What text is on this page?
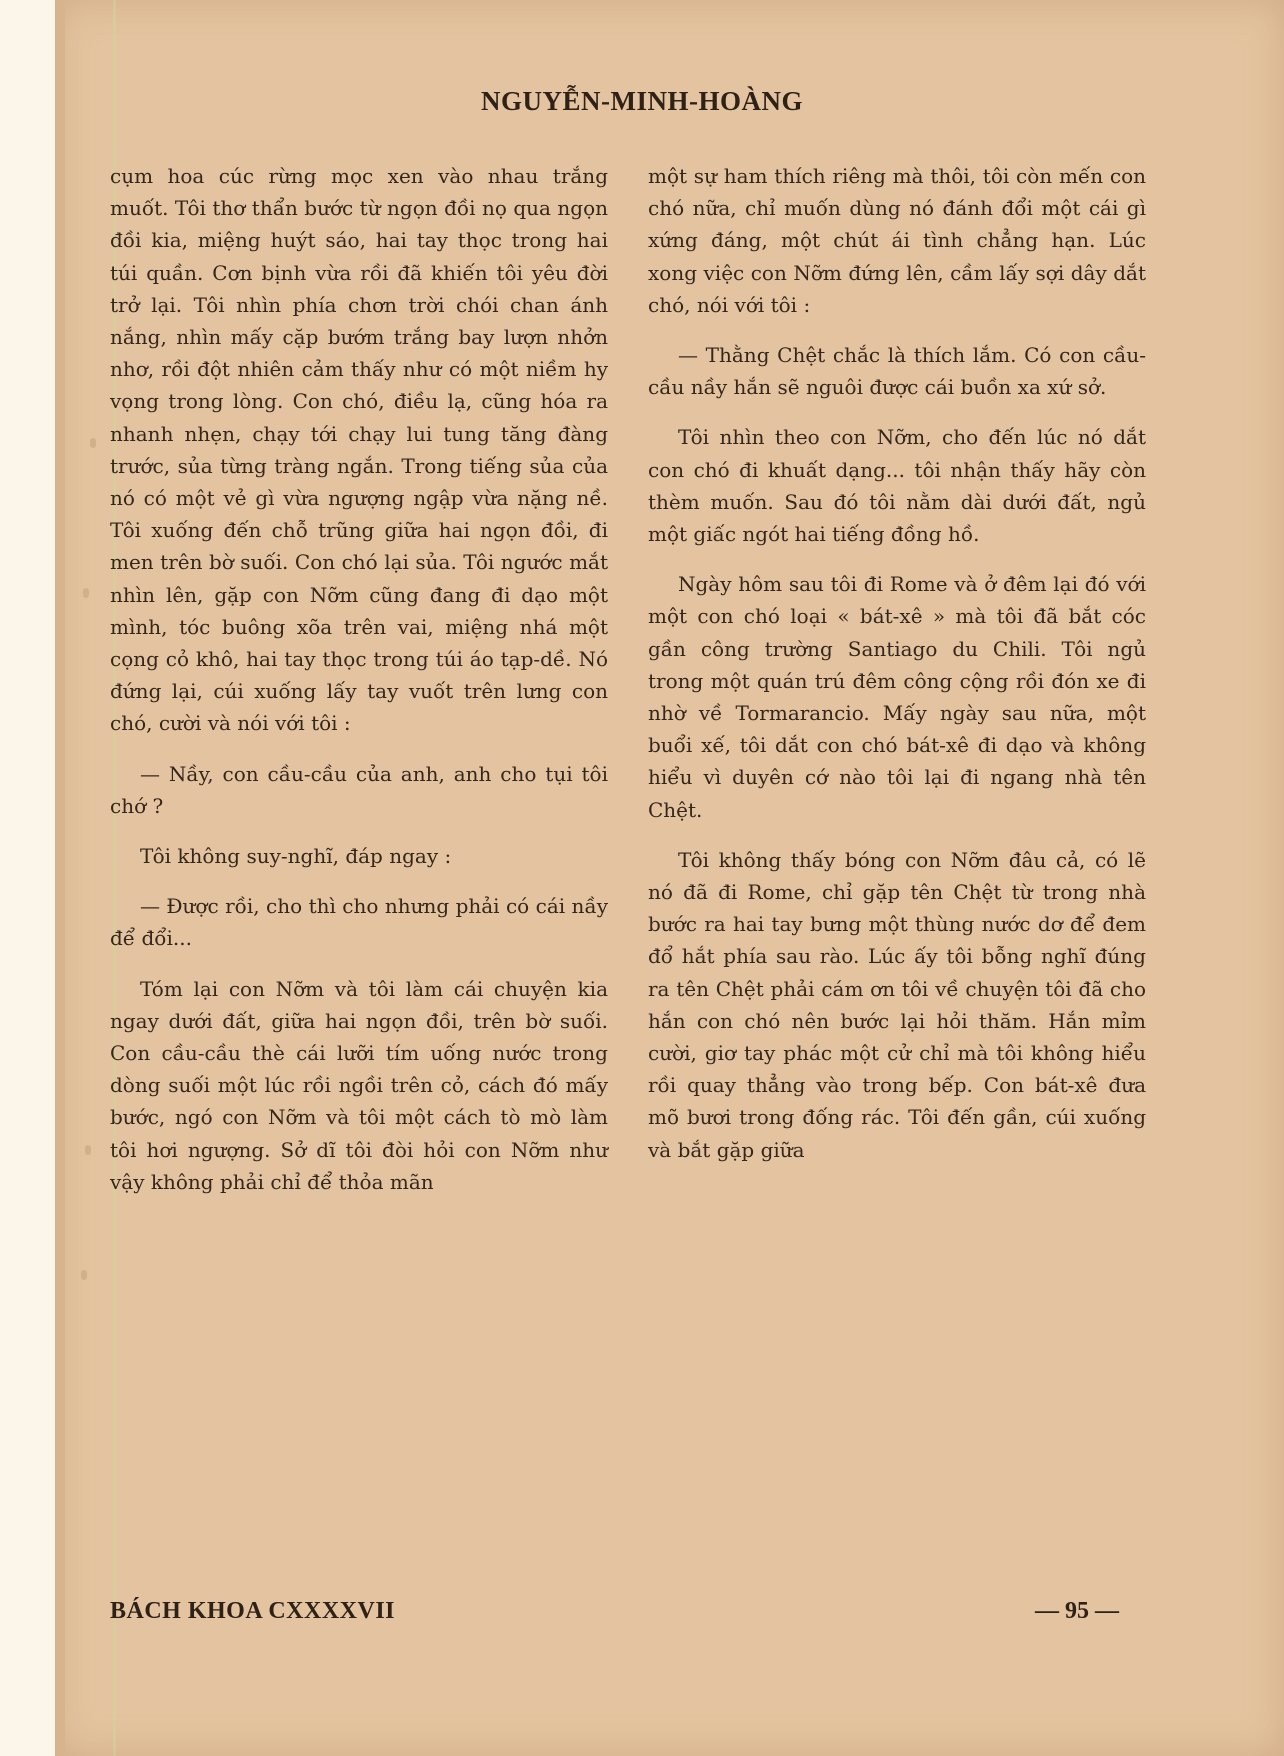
NGUYỄN-MINH-HOÀNG

cụm hoa cúc rừng mọc xen vào nhau trắng muốt. Tôi thơ thẩn bước từ ngọn đồi nọ qua ngọn đồi kia, miệng huýt sáo, hai tay thọc trong hai túi quần. Cơn bịnh vừa rồi đã khiến tôi yêu đời trở lại. Tôi nhìn phía chơn trời chói chan ánh nắng, nhìn mấy cặp bướm trắng bay lượn nhởn nhơ, rồi đột nhiên cảm thấy như có một niềm hy vọng trong lòng. Con chó, điều lạ, cũng hóa ra nhanh nhẹn, chạy tới chạy lui tung tăng đàng trước, sủa từng tràng ngắn. Trong tiếng sủa của nó có một vẻ gì vừa ngượng ngập vừa nặng nề. Tôi xuống đến chỗ trũng giữa hai ngọn đồi, đi men trên bờ suối. Con chó lại sủa. Tôi ngước mắt nhìn lên, gặp con Nỡm cũng đang đi dạo một mình, tóc buông xõa trên vai, miệng nhá một cọng cỏ khô, hai tay thọc trong túi áo tạp-dề. Nó đứng lại, cúi xuống lấy tay vuốt trên lưng con chó, cười và nói với tôi :

— Nầy, con cầu-cầu của anh, anh cho tụi tôi chớ ?

Tôi không suy-nghĩ, đáp ngay :

— Được rồi, cho thì cho nhưng phải có cái nầy để đổi...

Tóm lại con Nỡm và tôi làm cái chuyện kia ngay dưới đất, giữa hai ngọn đồi, trên bờ suối. Con cầu-cầu thè cái lưỡi tím uống nước trong dòng suối một lúc rồi ngồi trên cỏ, cách đó mấy bước, ngó con Nỡm và tôi một cách tò mò làm tôi hơi ngượng. Sở dĩ tôi đòi hỏi con Nỡm như vậy không phải chỉ để thỏa mãn

một sự ham thích riêng mà thôi, tôi còn mến con chó nữa, chỉ muốn dùng nó đánh đổi một cái gì xứng đáng, một chút ái tình chẳng hạn. Lúc xong việc con Nỡm đứng lên, cầm lấy sợi dây dắt chó, nói với tôi :

— Thằng Chệt chắc là thích lắm. Có con cầu-cầu nầy hắn sẽ nguôi được cái buồn xa xứ sở.

Tôi nhìn theo con Nỡm, cho đến lúc nó dắt con chó đi khuất dạng... tôi nhận thấy hãy còn thèm muốn. Sau đó tôi nằm dài dưới đất, ngủ một giấc ngót hai tiếng đồng hồ.

Ngày hôm sau tôi đi Rome và ở đêm lại đó với một con chó loại « bát-xê » mà tôi đã bắt cóc gần công trường Santiago du Chili. Tôi ngủ trong một quán trú đêm công cộng rồi đón xe đi nhờ về Tormarancio. Mấy ngày sau nữa, một buổi xế, tôi dắt con chó bát-xê đi dạo và không hiểu vì duyên cớ nào tôi lại đi ngang nhà tên Chệt.

Tôi không thấy bóng con Nỡm đâu cả, có lẽ nó đã đi Rome, chỉ gặp tên Chệt từ trong nhà bước ra hai tay bưng một thùng nước dơ để đem đổ hắt phía sau rào. Lúc ấy tôi bỗng nghĩ đúng ra tên Chệt phải cám ơn tôi về chuyện tôi đã cho hắn con chó nên bước lại hỏi thăm. Hắn mỉm cười, giơ tay phác một cử chỉ mà tôi không hiểu rồi quay thẳng vào trong bếp. Con bát-xê đưa mõ bươi trong đống rác. Tôi đến gần, cúi xuống và bắt gặp giữa

BÁCH KHOA CXXXXVII	— 95 —
